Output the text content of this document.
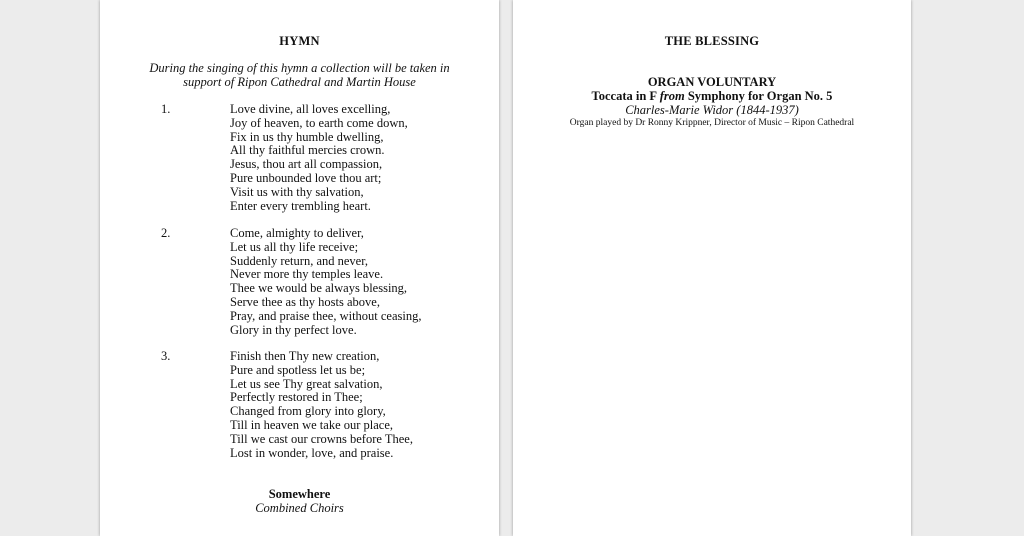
HYMN
During the singing of this hymn a collection will be taken in
support of Ripon Cathedral and Martin House
1.	Love divine, all loves excelling,
Joy of heaven, to earth come down,
Fix in us thy humble dwelling,
All thy faithful mercies crown.
Jesus, thou art all compassion,
Pure unbounded love thou art;
Visit us with thy salvation,
Enter every trembling heart.
2.	Come, almighty to deliver,
Let us all thy life receive;
Suddenly return, and never,
Never more thy temples leave.
Thee we would be always blessing,
Serve thee as thy hosts above,
Pray, and praise thee, without ceasing,
Glory in thy perfect love.
3.	Finish then Thy new creation,
Pure and spotless let us be;
Let us see Thy great salvation,
Perfectly restored in Thee;
Changed from glory into glory,
Till in heaven we take our place,
Till we cast our crowns before Thee,
Lost in wonder, love, and praise.
Somewhere
Combined Choirs
THE BLESSING
ORGAN VOLUNTARY
Toccata in F from Symphony for Organ No. 5
Charles-Marie Widor (1844-1937)
Organ played by Dr Ronny Krippner, Director of Music – Ripon Cathedral
